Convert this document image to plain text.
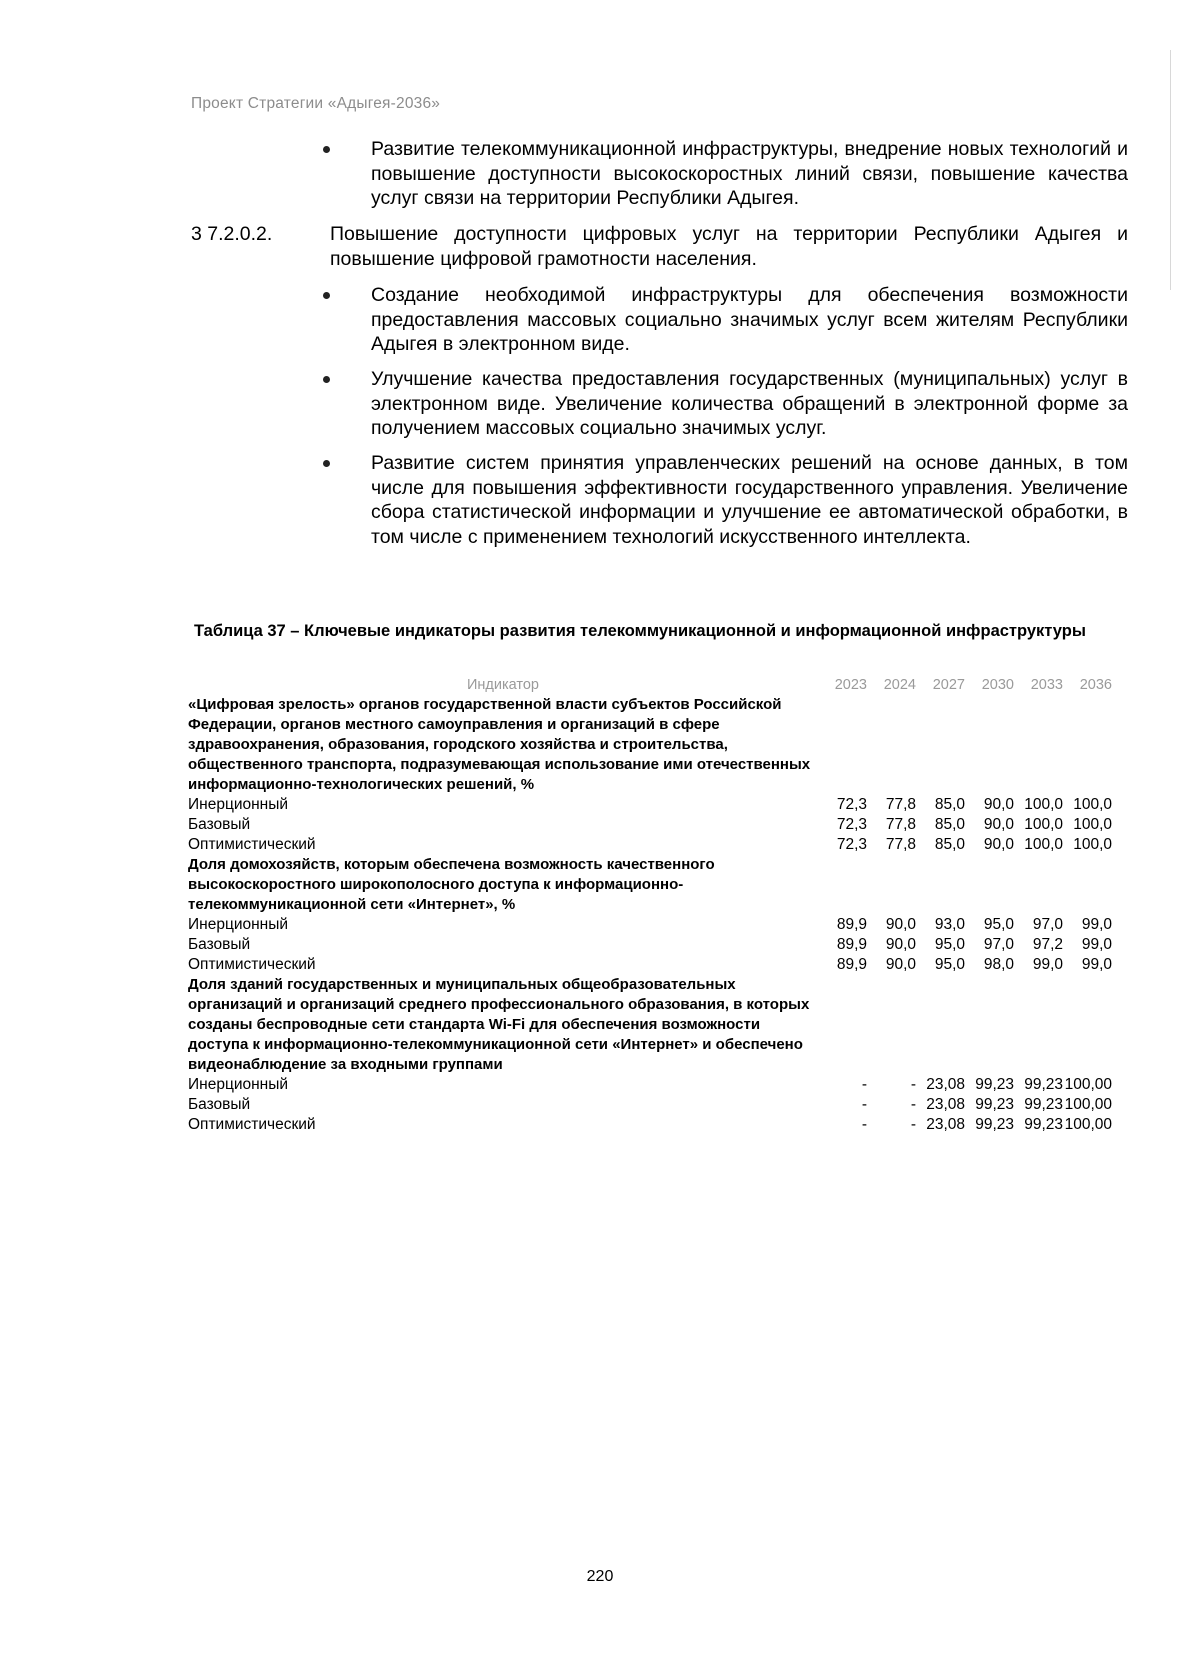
Проект Стратегии «Адыгея-2036»
Развитие телекоммуникационной инфраструктуры, внедрение новых технологий и повышение доступности высокоскоростных линий связи, повышение качества услуг связи на территории Республики Адыгея.
3 7.2.0.2.	Повышение доступности цифровых услуг на территории Республики Адыгея и повышение цифровой грамотности населения.
Создание необходимой инфраструктуры для обеспечения возможности предоставления массовых социально значимых услуг всем жителям Республики Адыгея в электронном виде.
Улучшение качества предоставления государственных (муниципальных) услуг в электронном виде. Увеличение количества обращений в электронной форме за получением массовых социально значимых услуг.
Развитие систем принятия управленческих решений на основе данных, в том числе для повышения эффективности государственного управления. Увеличение сбора статистической информации и улучшение ее автоматической обработки, в том числе с применением технологий искусственного интеллекта.
Таблица 37 – Ключевые индикаторы развития телекоммуникационной и информационной инфраструктуры
Индикатор	2023	2024	2027	2030	2033	2036
«Цифровая зрелость» органов государственной власти субъектов Российской Федерации, органов местного самоуправления и организаций в сфере здравоохранения, образования, городского хозяйства и строительства, общественного транспорта, подразумевающая использование ими отечественных информационно-технологических решений, %						
Инерционный	72,3	77,8	85,0	90,0	100,0	100,0
Базовый	72,3	77,8	85,0	90,0	100,0	100,0
Оптимистический	72,3	77,8	85,0	90,0	100,0	100,0
Доля домохозяйств, которым обеспечена возможность качественного высокоскоростного широкополосного доступа к информационно-телекоммуникационной сети «Интернет», %						
Инерционный	89,9	90,0	93,0	95,0	97,0	99,0
Базовый	89,9	90,0	95,0	97,0	97,2	99,0
Оптимистический	89,9	90,0	95,0	98,0	99,0	99,0
Доля зданий государственных и муниципальных общеобразовательных организаций и организаций среднего профессионального образования, в которых созданы беспроводные сети стандарта Wi-Fi для обеспечения возможности доступа к информационно-телекоммуникационной сети «Интернет» и обеспечено видеонаблюдение за входными группами						
Инерционный	-	-	23,08	99,23	99,23	100,00
Базовый	-	-	23,08	99,23	99,23	100,00
Оптимистический	-	-	23,08	99,23	99,23	100,00
220
